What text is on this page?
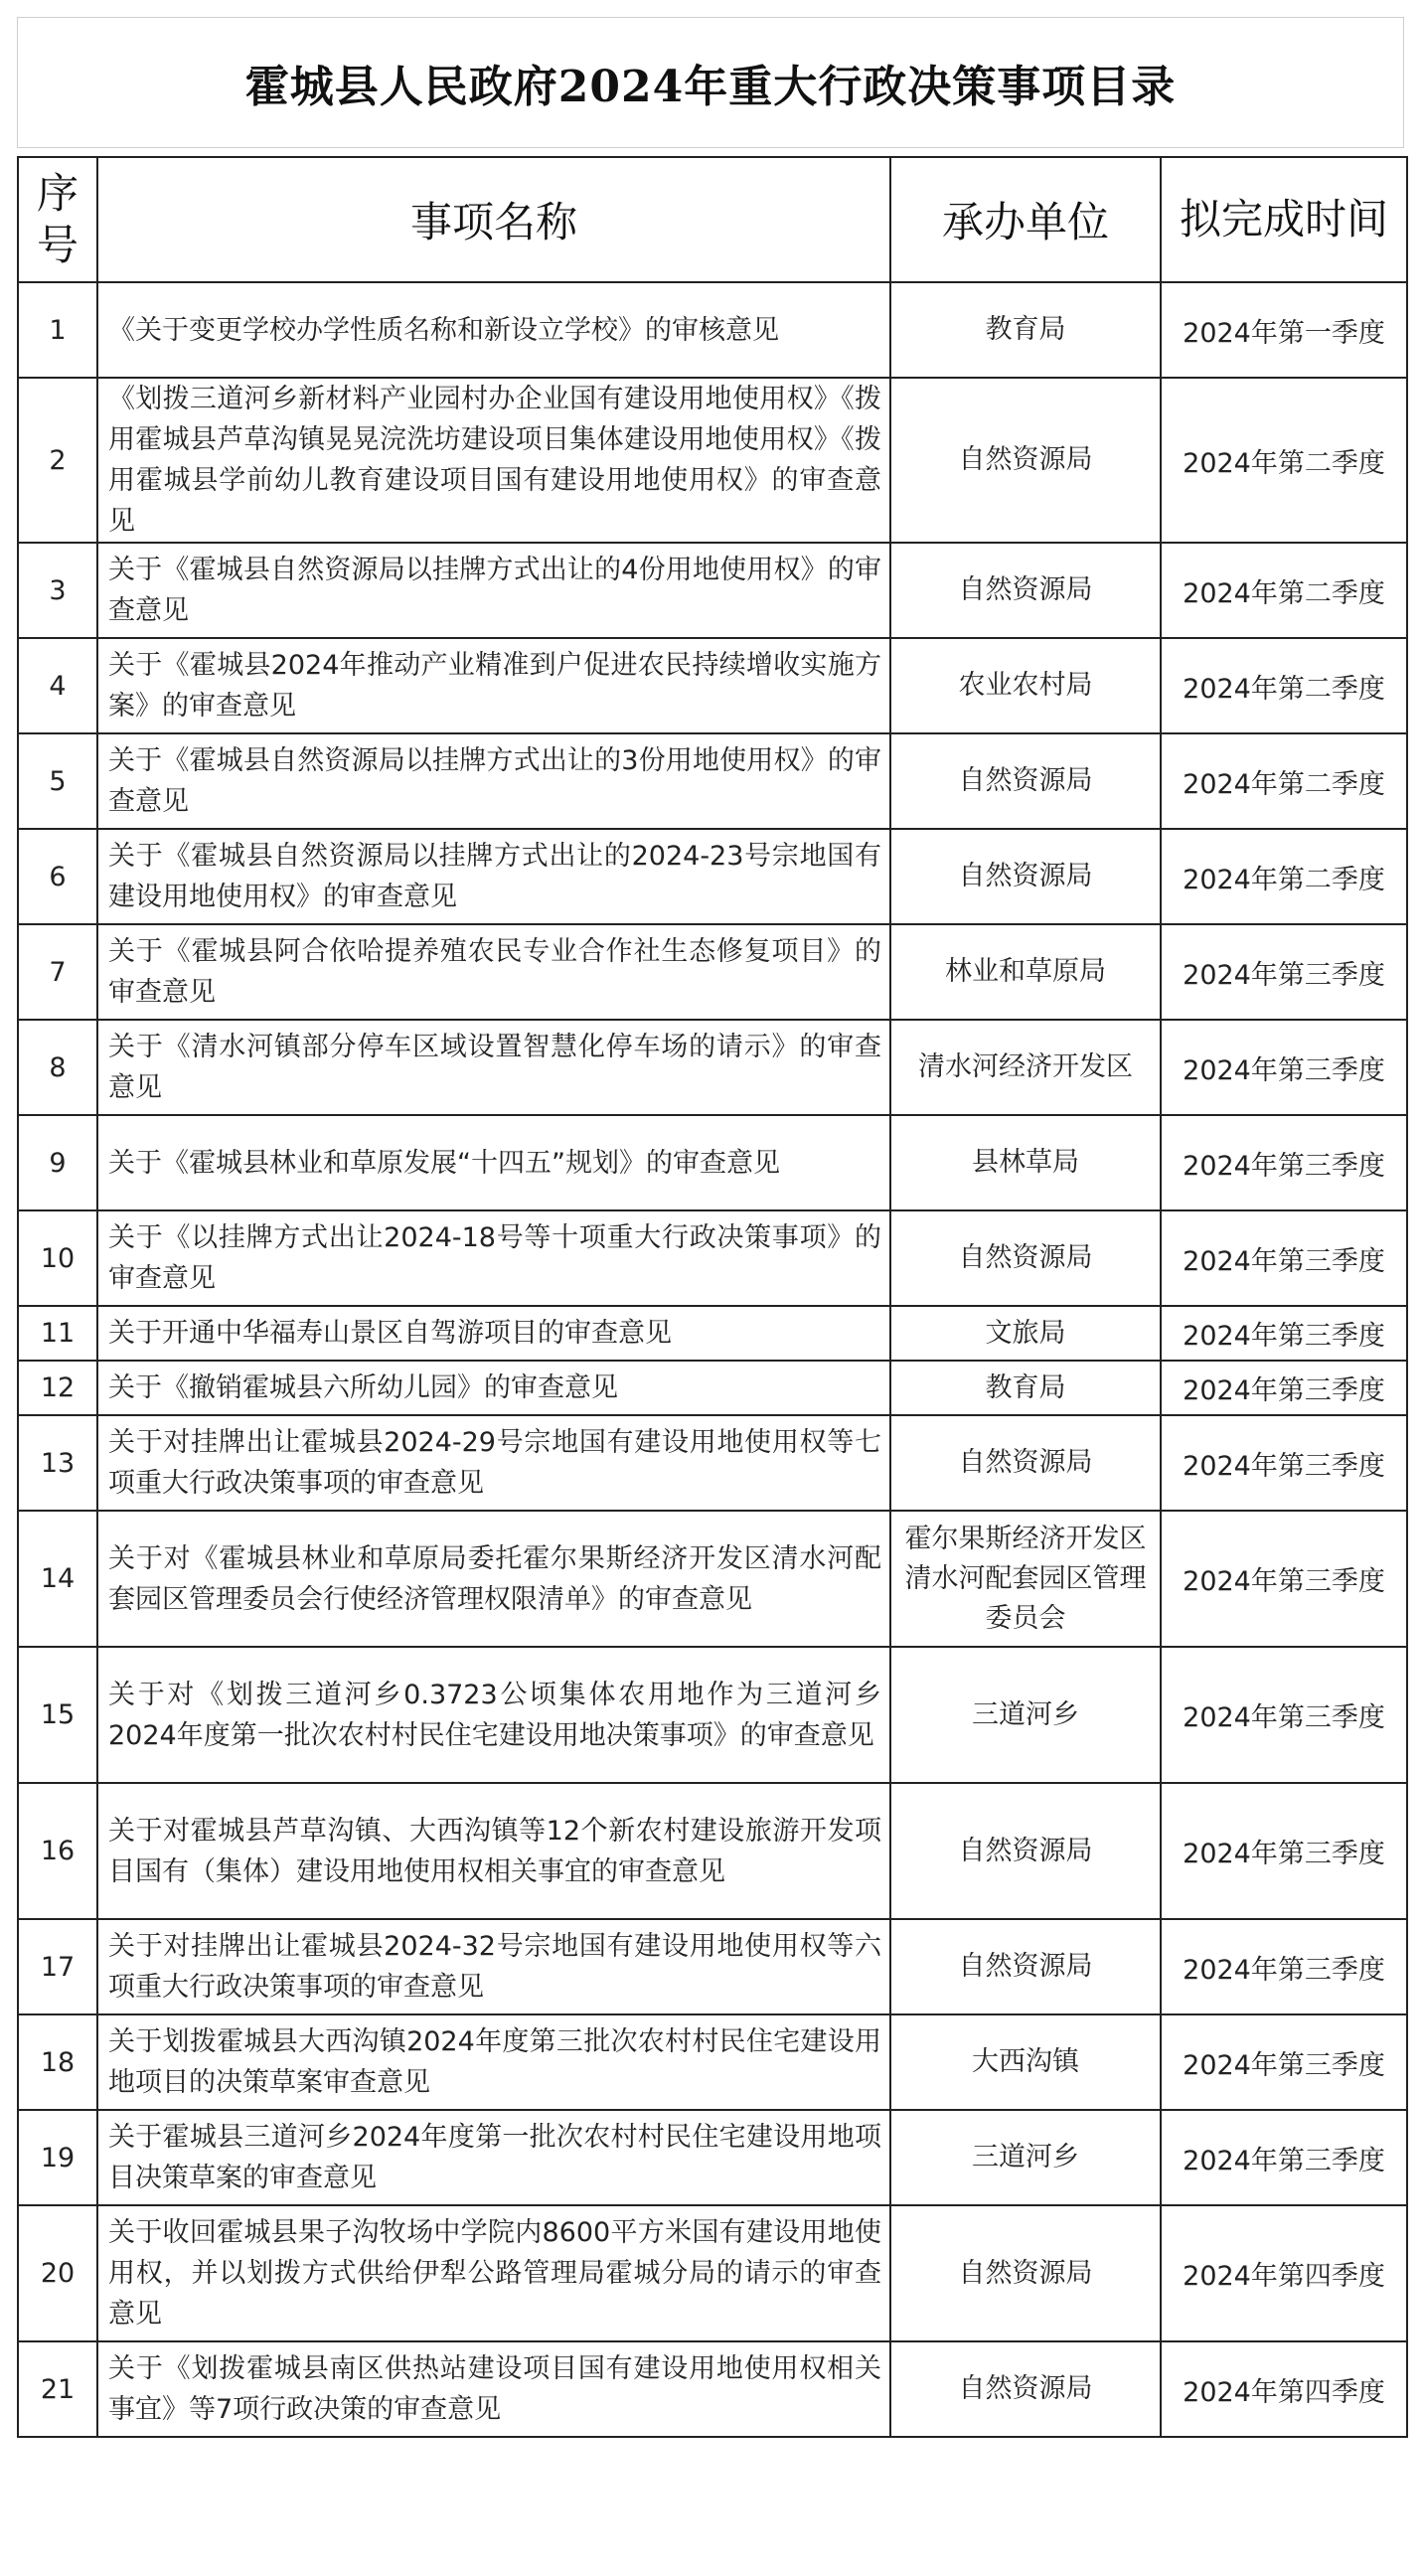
霍城县人民政府2024年重大行政决策事项目录
序号	事项名称	承办单位	拟完成时间
1	《关于变更学校办学性质名称和新设立学校》的审核意见	教育局	2024年第一季度
2	《划拨三道河乡新材料产业园村办企业国有建设用地使用权》《拨用霍城县芦草沟镇晃晃浣洗坊建设项目集体建设用地使用权》《拨用霍城县学前幼儿教育建设项目国有建设用地使用权》的审查意见	自然资源局	2024年第二季度
3	关于《霍城县自然资源局以挂牌方式出让的4份用地使用权》的审查意见	自然资源局	2024年第二季度
4	关于《霍城县2024年推动产业精准到户促进农民持续增收实施方案》的审查意见	农业农村局	2024年第二季度
5	关于《霍城县自然资源局以挂牌方式出让的3份用地使用权》的审查意见	自然资源局	2024年第二季度
6	关于《霍城县自然资源局以挂牌方式出让的2024-23号宗地国有建设用地使用权》的审查意见	自然资源局	2024年第二季度
7	关于《霍城县阿合依哈提养殖农民专业合作社生态修复项目》的审查意见	林业和草原局	2024年第三季度
8	关于《清水河镇部分停车区域设置智慧化停车场的请示》的审查意见	清水河经济开发区	2024年第三季度
9	关于《霍城县林业和草原发展“十四五”规划》的审查意见	县林草局	2024年第三季度
10	关于《以挂牌方式出让2024-18号等十项重大行政决策事项》的审查意见	自然资源局	2024年第三季度
11	关于开通中华福寿山景区自驾游项目的审查意见	文旅局	2024年第三季度
12	关于《撤销霍城县六所幼儿园》的审查意见	教育局	2024年第三季度
13	关于对挂牌出让霍城县2024-29号宗地国有建设用地使用权等七项重大行政决策事项的审查意见	自然资源局	2024年第三季度
14	关于对《霍城县林业和草原局委托霍尔果斯经济开发区清水河配套园区管理委员会行使经济管理权限清单》的审查意见	霍尔果斯经济开发区清水河配套园区管理委员会	2024年第三季度
15	关于对《划拨三道河乡0.3723公顷集体农用地作为三道河乡2024年度第一批次农村村民住宅建设用地决策事项》的审查意见	三道河乡	2024年第三季度
16	关于对霍城县芦草沟镇、大西沟镇等12个新农村建设旅游开发项目国有（集体）建设用地使用权相关事宜的审查意见	自然资源局	2024年第三季度
17	关于对挂牌出让霍城县2024-32号宗地国有建设用地使用权等六项重大行政决策事项的审查意见	自然资源局	2024年第三季度
18	关于划拨霍城县大西沟镇2024年度第三批次农村村民住宅建设用地项目的决策草案审查意见	大西沟镇	2024年第三季度
19	关于霍城县三道河乡2024年度第一批次农村村民住宅建设用地项目决策草案的审查意见	三道河乡	2024年第三季度
20	关于收回霍城县果子沟牧场中学院内8600平方米国有建设用地使用权，并以划拨方式供给伊犁公路管理局霍城分局的请示的审查意见	自然资源局	2024年第四季度
21	关于《划拨霍城县南区供热站建设项目国有建设用地使用权相关事宜》等7项行政决策的审查意见	自然资源局	2024年第四季度
